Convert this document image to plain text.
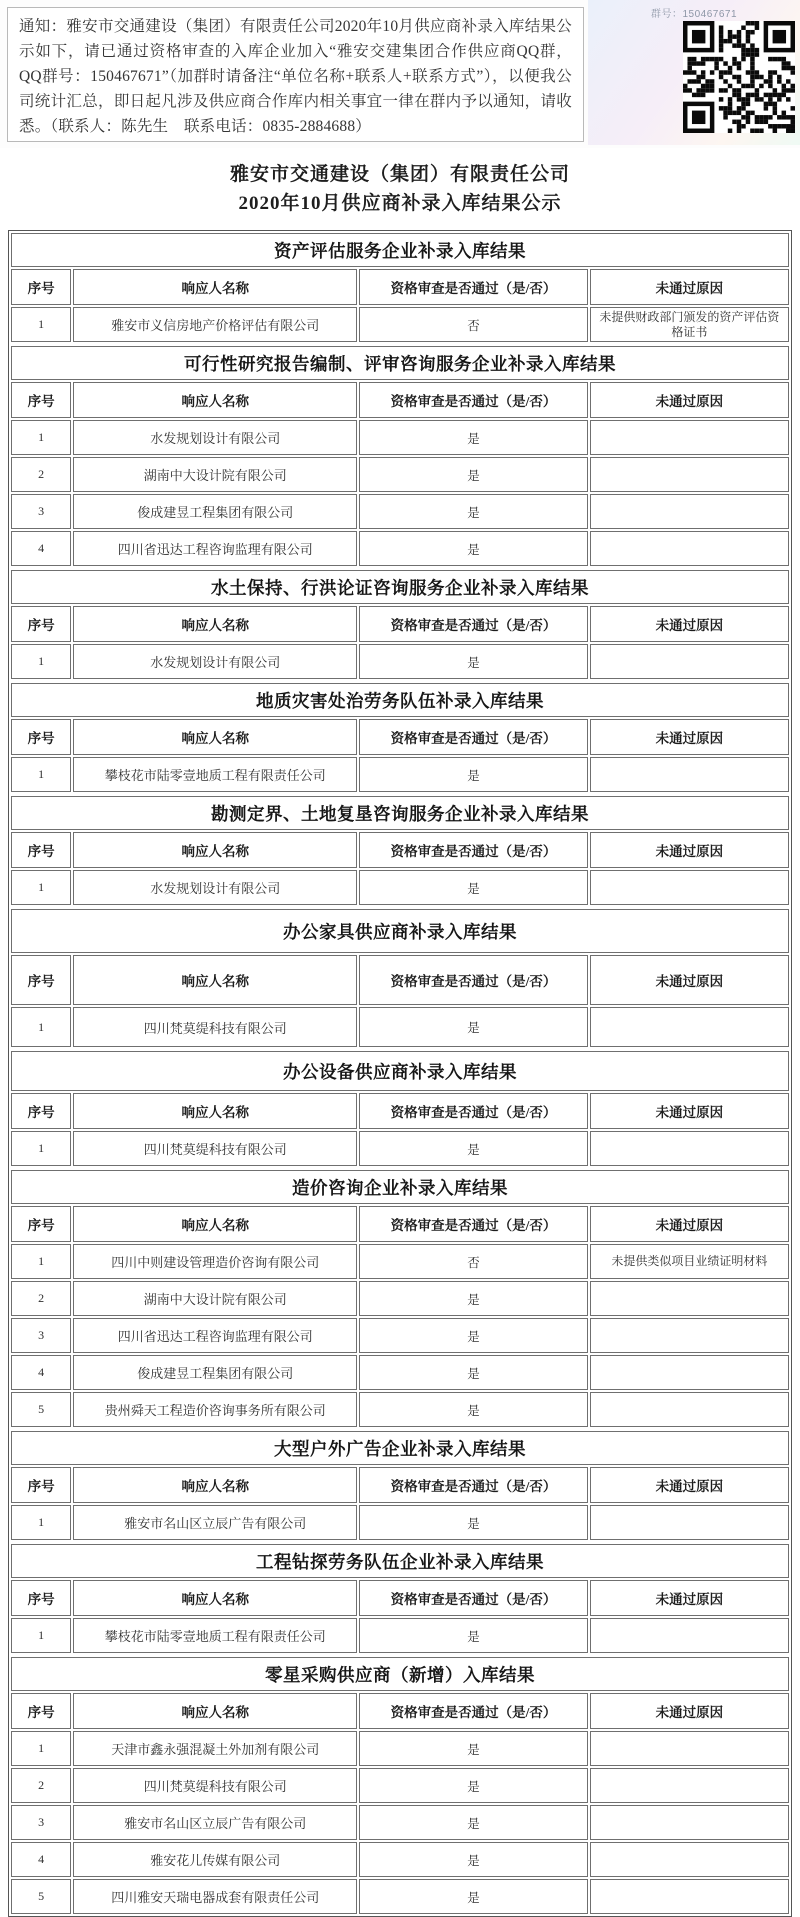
通知：雅安市交通建设（集团）有限责任公司2020年10月供应商补录入库结果公示如下，请已通过资格审查的入库企业加入“雅安交建集团合作供应商QQ群，QQ群号：150467671”（加群时请备注“单位名称+联系人+联系方式”），以便我公司统计汇总，即日起凡涉及供应商合作库内相关事宜一律在群内予以通知，请收悉。（联系人：陈先生　联系电话：0835-2884688）

群号：150467671
雅安市交通建设（集团）有限责任公司
2020年10月供应商补录入库结果公示
资产评估服务企业补录入库结果			
序号	响应人名称	资格审查是否通过（是/否）	未通过原因
1	雅安市义信房地产价格评估有限公司	否	未提供财政部门颁发的资产评估资格证书
可行性研究报告编制、评审咨询服务企业补录入库结果			
序号	响应人名称	资格审查是否通过（是/否）	未通过原因
1	水发规划设计有限公司	是	
2	湖南中大设计院有限公司	是	
3	俊成建昱工程集团有限公司	是	
4	四川省迅达工程咨询监理有限公司	是	
水土保持、行洪论证咨询服务企业补录入库结果			
序号	响应人名称	资格审查是否通过（是/否）	未通过原因
1	水发规划设计有限公司	是	
地质灾害处治劳务队伍补录入库结果			
序号	响应人名称	资格审查是否通过（是/否）	未通过原因
1	攀枝花市陆零壹地质工程有限责任公司	是	
勘测定界、土地复垦咨询服务企业补录入库结果			
序号	响应人名称	资格审查是否通过（是/否）	未通过原因
1	水发规划设计有限公司	是	
办公家具供应商补录入库结果			
序号	响应人名称	资格审查是否通过（是/否）	未通过原因
1	四川梵莫缇科技有限公司	是	
办公设备供应商补录入库结果			
序号	响应人名称	资格审查是否通过（是/否）	未通过原因
1	四川梵莫缇科技有限公司	是	
造价咨询企业补录入库结果			
序号	响应人名称	资格审查是否通过（是/否）	未通过原因
1	四川中则建设管理造价咨询有限公司	否	未提供类似项目业绩证明材料
2	湖南中大设计院有限公司	是	
3	四川省迅达工程咨询监理有限公司	是	
4	俊成建昱工程集团有限公司	是	
5	贵州舜天工程造价咨询事务所有限公司	是	
大型户外广告企业补录入库结果			
序号	响应人名称	资格审查是否通过（是/否）	未通过原因
1	雅安市名山区立辰广告有限公司	是	
工程钻探劳务队伍企业补录入库结果			
序号	响应人名称	资格审查是否通过（是/否）	未通过原因
1	攀枝花市陆零壹地质工程有限责任公司	是	
零星采购供应商（新增）入库结果			
序号	响应人名称	资格审查是否通过（是/否）	未通过原因
1	天津市鑫永强混凝土外加剂有限公司	是	
2	四川梵莫缇科技有限公司	是	
3	雅安市名山区立辰广告有限公司	是	
4	雅安花儿传媒有限公司	是	
5	四川雅安天瑞电器成套有限责任公司	是	
